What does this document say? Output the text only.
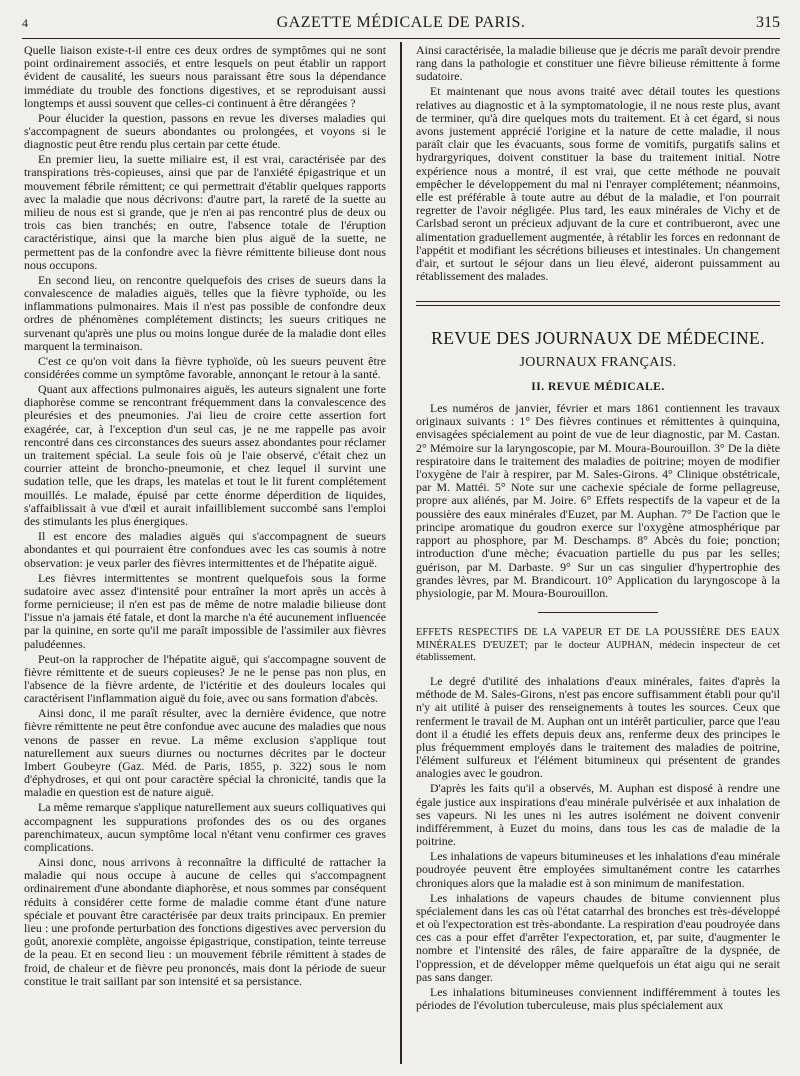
4	GAZETTE MÉDICALE DE PARIS.	315

Quelle liaison existe-t-il entre ces deux ordres de symptômes qui ne sont point ordinairement associés, et entre lesquels on peut établir un rapport évident de causalité, les sueurs nous paraissant être sous la dépendance immédiate du trouble des fonctions digestives, et se reproduisant aussi longtemps et aussi souvent que celles-ci continuent à être dérangées ?

Pour élucider la question, passons en revue les diverses maladies qui s'accompagnent de sueurs abondantes ou prolongées, et voyons si le diagnostic peut être rendu plus certain par cette étude.

En premier lieu, la suette miliaire est, il est vrai, caractérisée par des transpirations très-copieuses, ainsi que par de l'anxiété épigastrique et un mouvement fébrile rémittent; ce qui permettrait d'établir quelques rapports avec la maladie que nous décrivons: d'autre part, la rareté de la suette au milieu de nous est si grande, que je n'en ai pas rencontré plus de deux ou trois cas bien tranchés; en outre, l'absence totale de l'éruption caractéristique, ainsi que la marche bien plus aiguë de la suette, ne permettent pas de la confondre avec la fièvre rémittente bilieuse dont nous nous occupons.

En second lieu, on rencontre quelquefois des crises de sueurs dans la convalescence de maladies aiguës, telles que la fièvre typhoïde, ou les inflammations pulmonaires. Mais il n'est pas possible de confondre deux ordres de phénomènes complétement distincts; les sueurs critiques ne survenant qu'après une plus ou moins longue durée de la maladie dont elles marquent la terminaison.

C'est ce qu'on voit dans la fièvre typhoïde, où les sueurs peuvent être considérées comme un symptôme favorable, annonçant le retour à la santé.

Quant aux affections pulmonaires aiguës, les auteurs signalent une forte diaphorèse comme se rencontrant fréquemment dans la convalescence des pleurésies et des pneumonies. J'ai lieu de croire cette assertion fort exagérée, car, à l'exception d'un seul cas, je ne me rappelle pas avoir rencontré dans ces circonstances des sueurs assez abondantes pour réclamer un traitement spécial. La seule fois où je l'aie observé, c'était chez un courrier atteint de broncho-pneumonie, et chez lequel il survint une sudation telle, que les draps, les matelas et tout le lit furent complétement mouillés. Le malade, épuisé par cette énorme déperdition de liquides, s'affaiblissait à vue d'œil et aurait infailliblement succombé sans l'emploi des stimulants les plus énergiques.

Il est encore des maladies aiguës qui s'accompagnent de sueurs abondantes et qui pourraient être confondues avec les cas soumis à notre observation: je veux parler des fièvres intermittentes et de l'hépatite aiguë.

Les fièvres intermittentes se montrent quelquefois sous la forme sudatoire avec assez d'intensité pour entraîner la mort après un accès à forme pernicieuse; il n'en est pas de même de notre maladie bilieuse dont l'issue n'a jamais été fatale, et dont la marche n'a été aucunement influencée par la quinine, en sorte qu'il me paraît impossible de l'assimiler aux fièvres paludéennes.

Peut-on la rapprocher de l'hépatite aiguë, qui s'accompagne souvent de fièvre rémittente et de sueurs copieuses? Je ne le pense pas non plus, en l'absence de la fièvre ardente, de l'ictéritie et des douleurs locales qui caractérisent l'inflammation aiguë du foie, avec ou sans formation d'abcès.

Ainsi donc, il me paraît résulter, avec la dernière évidence, que notre fièvre rémittente ne peut être confondue avec aucune des maladies que nous venons de passer en revue. La même exclusion s'applique tout naturellement aux sueurs diurnes ou nocturnes décrites par le docteur Imbert Goubeyre (Gaz. Méd. de Paris, 1855, p. 322) sous le nom d'éphydroses, et qui ont pour caractère spécial la chronicité, tandis que la maladie en question est de nature aiguë.

La même remarque s'applique naturellement aux sueurs colliquatives qui accompagnent les suppurations profondes des os ou des organes parenchimateux, aucun symptôme local n'étant venu confirmer ces graves complications.

Ainsi donc, nous arrivons à reconnaître la difficulté de rattacher la maladie qui nous occupe à aucune de celles qui s'accompagnent ordinairement d'une abondante diaphorèse, et nous sommes par conséquent réduits à considérer cette forme de maladie comme étant d'une nature spéciale et pouvant être caractérisée par deux traits principaux. En premier lieu : une profonde perturbation des fonctions digestives avec perversion du goût, anorexie complète, angoisse épigastrique, constipation, teinte terreuse de la peau. Et en second lieu : un mouvement fébrile rémittent à stades de froid, de chaleur et de fièvre peu prononcés, mais dont la période de sueur constitue le trait saillant par son intensité et sa persistance.

Ainsi caractérisée, la maladie bilieuse que je décris me paraît devoir prendre rang dans la pathologie et constituer une fièvre bilieuse rémittente à forme sudatoire.

Et maintenant que nous avons traité avec détail toutes les questions relatives au diagnostic et à la symptomatologie, il ne nous reste plus, avant de terminer, qu'à dire quelques mots du traitement. Et à cet égard, si nous avons justement apprécié l'origine et la nature de cette maladie, il nous paraît clair que les évacuants, sous forme de vomitifs, purgatifs salins et hydrargyriques, doivent constituer la base du traitement initial. Notre expérience nous a montré, il est vrai, que cette méthode ne pouvait empêcher le développement du mal ni l'enrayer complétement; néanmoins, elle est préférable à toute autre au début de la maladie, et l'on pourrait regretter de l'avoir négligée. Plus tard, les eaux minérales de Vichy et de Carlsbad seront un précieux adjuvant de la cure et contribueront, avec une alimentation graduellement augmentée, à rétablir les forces en redonnant de l'appétit et modifiant les sécrétions bilieuses et intestinales. Un changement d'air, et surtout le séjour dans un lieu élevé, aideront puissamment au rétablissement des malades.

REVUE DES JOURNAUX DE MÉDECINE.
JOURNAUX FRANÇAIS.
II. REVUE MÉDICALE.

Les numéros de janvier, février et mars 1861 contiennent les travaux originaux suivants : 1° Des fièvres continues et rémittentes à quinquina, envisagées spécialement au point de vue de leur diagnostic, par M. Castan. 2° Mémoire sur la laryngoscopie, par M. Moura-Bourouillon. 3° De la diète respiratoire dans le traitement des maladies de poitrine; moyen de modifier l'oxygène de l'air à respirer, par M. Sales-Girons. 4° Clinique obstétricale, par M. Mattéi. 5° Note sur une cachexie spéciale de forme pellagreuse, propre aux aliénés, par M. Joire. 6° Effets respectifs de la vapeur et de la poussière des eaux minérales d'Euzet, par M. Auphan. 7° De l'action que le principe aromatique du goudron exerce sur l'oxygène atmosphérique par rapport au phosphore, par M. Deschamps. 8° Abcès du foie; ponction; introduction d'une mèche; évacuation partielle du pus par les selles; guérison, par M. Darbaste. 9° Sur un cas singulier d'hypertrophie des grandes lèvres, par M. Brandicourt. 10° Application du laryngoscope à la physiologie, par M. Moura-Bourouillon.

EFFETS RESPECTIFS DE LA VAPEUR ET DE LA POUSSIÈRE DES EAUX MINÉRALES D'EUZET; par le docteur AUPHAN, médecin inspecteur de cet établissement.

Le degré d'utilité des inhalations d'eaux minérales, faites d'après la méthode de M. Sales-Girons, n'est pas encore suffisamment établi pour qu'il n'y ait utilité à puiser des renseignements à toutes les sources. Ceux que renferment le travail de M. Auphan ont un intérêt particulier, parce que l'eau dont il a étudié les effets depuis deux ans, renferme deux des principes le plus fréquemment employés dans le traitement des maladies de poitrine, l'élément sulfureux et l'élément bitumineux qui présentent de grandes analogies avec le goudron.

D'après les faits qu'il a observés, M. Auphan est disposé à rendre une égale justice aux inspirations d'eau minérale pulvérisée et aux inhalation de ses vapeurs. Ni les unes ni les autres isolément ne doivent convenir indifféremment, à Euzet du moins, dans tous les cas de maladie de la poitrine.

Les inhalations de vapeurs bitumineuses et les inhalations d'eau minérale poudroyée peuvent être employées simultanément contre les catarrhes chroniques alors que la maladie est à son minimum de manifestation.

Les inhalations de vapeurs chaudes de bitume conviennent plus spécialement dans les cas où l'état catarrhal des bronches est très-développé et où l'expectoration est très-abondante. La respiration d'eau poudroyée dans ces cas a pour effet d'arrêter l'expectoration, et, par suite, d'augmenter le nombre et l'intensité des râles, de faire apparaître de la dyspnée, de l'oppression, et de développer même quelquefois un état aigu qui ne serait pas sans danger.

Les inhalations bitumineuses conviennent indifféremment à toutes les périodes de l'évolution tuberculeuse, mais plus spécialement aux
